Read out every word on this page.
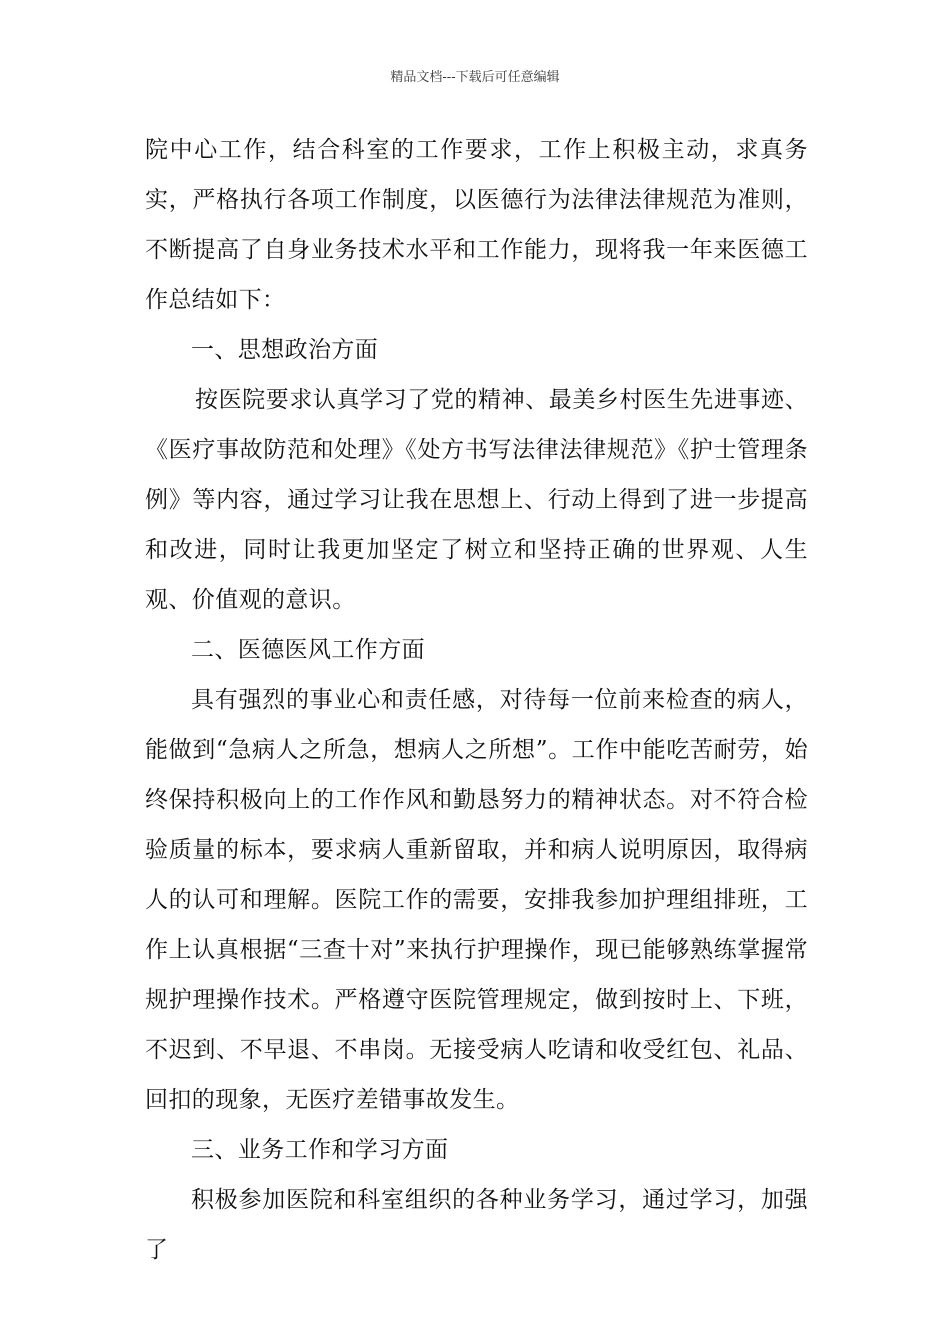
精品文档---下载后可任意编辑

院中心工作，结合科室的工作要求，工作上积极主动，求真务实，严格执行各项工作制度，以医德行为法律法律规范为准则，不断提高了自身业务技术水平和工作能力，现将我一年来医德工作总结如下：

一、思想政治方面

按医院要求认真学习了党的精神、最美乡村医生先进事迹、《医疗事故防范和处理》《处方书写法律法律规范》《护士管理条例》等内容，通过学习让我在思想上、行动上得到了进一步提高和改进，同时让我更加坚定了树立和坚持正确的世界观、人生观、价值观的意识。

二、医德医风工作方面

具有强烈的事业心和责任感，对待每一位前来检查的病人，能做到“急病人之所急，想病人之所想”。工作中能吃苦耐劳，始终保持积极向上的工作作风和勤恳努力的精神状态。对不符合检验质量的标本，要求病人重新留取，并和病人说明原因，取得病人的认可和理解。医院工作的需要，安排我参加护理组排班，工作上认真根据“三查十对”来执行护理操作，现已能够熟练掌握常规护理操作技术。严格遵守医院管理规定，做到按时上、下班，不迟到、不早退、不串岗。无接受病人吃请和收受红包、礼品、回扣的现象，无医疗差错事故发生。

三、业务工作和学习方面

积极参加医院和科室组织的各种业务学习，通过学习，加强了
